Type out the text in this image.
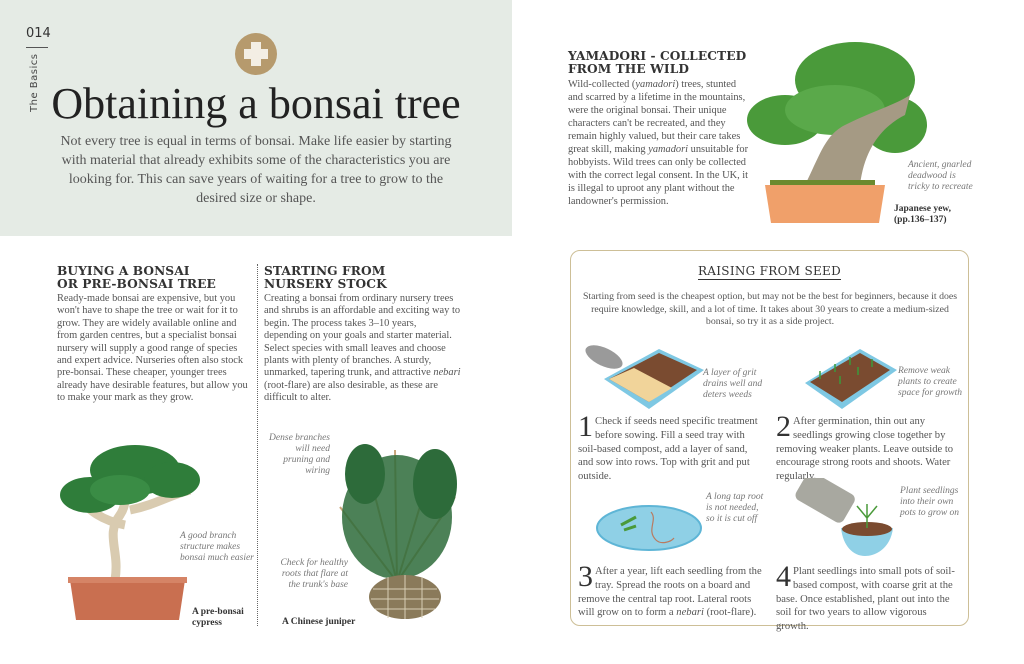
014
The Basics Obtaining a bonsai tree
Not every tree is equal in terms of bonsai. Make life easier by starting with material that already exhibits some of the characteristics you are looking for. This can save years of waiting for a tree to grow to the desired size or shape.
BUYING A BONSAI
OR PRE-BONSAI TREE

Ready-made bonsai are expensive, but you won't have to shape the tree or wait for it to grow. They are widely available online and from garden centres, but a specialist bonsai nursery will supply a good range of species and expert advice. Nurseries often also stock pre-bonsai. These cheaper, younger trees already have desirable features, but allow you to make your mark as they grow.

STARTING FROM
NURSERY STOCK

Creating a bonsai from ordinary nursery trees and shrubs is an affordable and exciting way to begin. The process takes 3–10 years, depending on your goals and starter material. Select species with small leaves and choose plants with plenty of branches. A sturdy, unmarked, tapering trunk, and attractive nebari (root-flare) are also desirable, as these are difficult to alter.

A good branch structure makes bonsai much easier
A pre-bonsai cypress
Dense branches will need pruning and wiring
Check for healthy roots that flare at the trunk's base
A Chinese juniper
YAMADORI - COLLECTED
FROM THE WILD

Wild-collected (yamadori) trees, stunted and scarred by a lifetime in the mountains, were the original bonsai. Their unique characters can't be recreated, and they remain highly valued, but their care takes great skill, making yamadori unsuitable for hobbyists. Wild trees can only be collected with the correct legal consent. In the UK, it is illegal to uproot any plant without the landowner's permission.

Ancient, gnarled deadwood is tricky to recreate
Japanese yew,
(pp.136–137)
RAISING FROM SEED
Starting from seed is the cheapest option, but may not be the best for beginners, because it does require knowledge, skill, and a lot of time. It takes about 30 years to create a medium-sized bonsai, so try it as a side project.
A layer of grit drains well and deters weeds
Remove weak plants to create space for growth
1 Check if seeds need specific treatment before sowing. Fill a seed tray with soil-based compost, add a layer of sand, and sow into rows. Top with grit and put outside.
2 After germination, thin out any seedlings growing close together by removing weaker plants. Leave outside to encourage strong roots and shoots. Water regularly.
A long tap root is not needed, so it is cut off
Plant seedlings into their own pots to grow on
3 After a year, lift each seedling from the tray. Spread the roots on a board and remove the central tap root. Lateral roots will grow on to form a nebari (root-flare).
4 Plant seedlings into small pots of soil-based compost, with coarse grit at the base. Once established, plant out into the soil for two years to allow vigorous growth.
